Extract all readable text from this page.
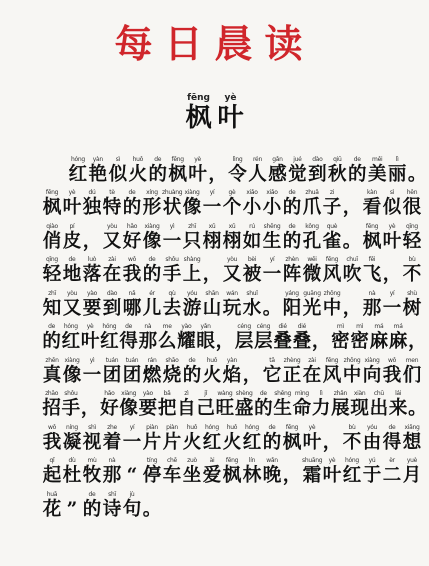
每日晨读
fēng
枫
yè
叶
hóng
红
yàn
艳
sì
似
huǒ
火
de
的
fēng
枫
yè
叶 ，
lìng
令
rén
人
gǎn
感
jué
觉
dào
到
qiū
秋
de
的
měi
美
lì
丽 。
fēng
枫
yè
叶
dú
独
tè
特
de
的
xíng
形
zhuàng
状
xiàng
像
yí
一
gè
个
xiǎo
小
xiǎo
小
de
的
zhuǎ
爪
zi
子 ，
kàn
看
sì
似
hěn
很
qiào
俏
pí
皮 ，
yòu
又
hǎo
好
xiàng
像
yì
一
zhī
只
xǔ
栩
xǔ
栩
rú
如
shēng
生
de
的
kǒng
孔
què
雀 。
fēng
枫
yè
叶
qīng
轻
qīng
轻
de
地
luò
落
zài
在
wǒ
我
de
的
shǒu
手
shàng
上 ，
yòu
又
bèi
被
yí
一
zhèn
阵
wēi
微
fēng
风
chuī
吹
fēi
飞 ，
bù
不
zhī
知
yòu
又
yào
要
dào
到
nǎ
哪
ér
儿
qù
去
yóu
游
shān
山
wán
玩
shuǐ
水 。
yáng
阳
guāng
光
zhōng
中 ，
nà
那
yí
一
shù
树
de
的
hóng
红
yè
叶
hóng
红
de
得
nà
那
me
么
yào
耀
yǎn
眼 ，
céng
层
céng
层
dié
叠
dié
叠 ，
mì
密
mì
密
má
麻
má
麻 ，
zhēn
真
xiàng
像
yì
一
tuán
团
tuán
团
rán
燃
shāo
烧
de
的
huǒ
火
yàn
焰 ，
tā
它
zhèng
正
zài
在
fēng
风
zhōng
中
xiàng
向
wǒ
我
men
们
zhāo
招
shǒu
手 ，
hǎo
好
xiàng
像
yào
要
bǎ
把
zì
自
jǐ
己
wàng
旺
shèng
盛
de
的
shēng
生
mìng
命
lì
力
zhǎn
展
xiàn
现
chū
出
lái
来 。
wǒ
我
níng
凝
shì
视
zhe
着
yí
一
piàn
片
piàn
片
huǒ
火
hóng
红
huǒ
火
hóng
红
de
的
fēng
枫
yè
叶 ，
bù
不
yóu
由
de
得
xiǎng
想
qǐ
起
dù
杜
mù
牧
nà
那 “
tíng
停
chē
车
zuò
坐
ài
爱
fēng
枫
lín
林
wǎn
晚 ，
shuāng
霜
yè
叶
hóng
红
yú
于
èr
二
yuè
月
huā
花 ”
de
的
shī
诗
jù
句 。
